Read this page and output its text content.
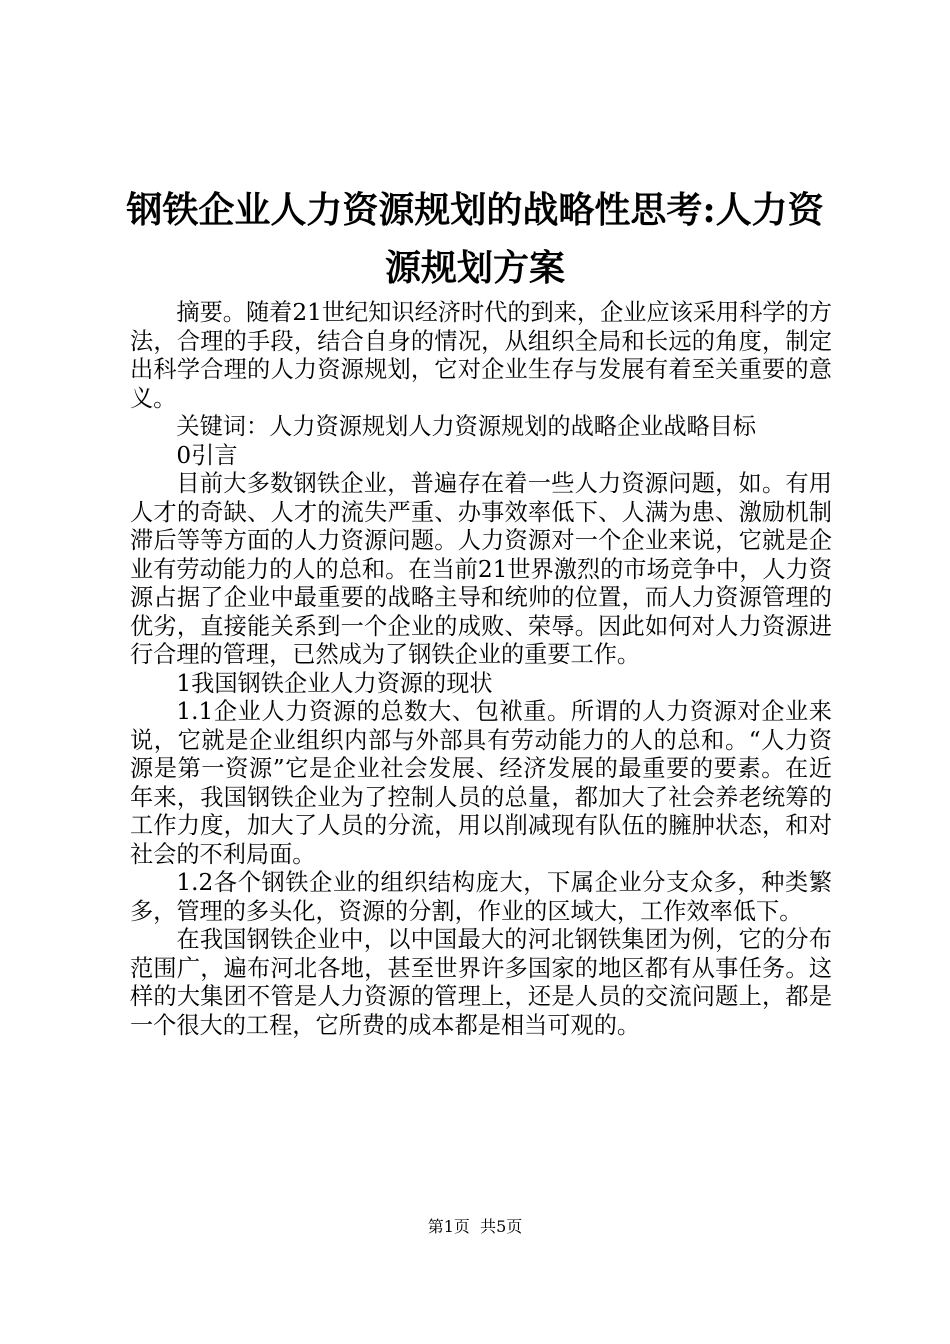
钢铁企业人力资源规划的战略性思考:人力资
源规划方案

摘要。随着21世纪知识经济时代的到来，企业应该采用科学的方法，合理的手段，结合自身的情况，从组织全局和长远的角度，制定出科学合理的人力资源规划，它对企业生存与发展有着至关重要的意义。

关键词：人力资源规划人力资源规划的战略企业战略目标

0引言

目前大多数钢铁企业，普遍存在着一些人力资源问题，如。有用人才的奇缺、人才的流失严重、办事效率低下、人满为患、激励机制滞后等等方面的人力资源问题。人力资源对一个企业来说，它就是企业有劳动能力的人的总和。在当前21世界激烈的市场竞争中，人力资源占据了企业中最重要的战略主导和统帅的位置，而人力资源管理的优劣，直接能关系到一个企业的成败、荣辱。因此如何对人力资源进行合理的管理，已然成为了钢铁企业的重要工作。

1我国钢铁企业人力资源的现状

1.1企业人力资源的总数大、包袱重。所谓的人力资源对企业来说，它就是企业组织内部与外部具有劳动能力的人的总和。“人力资源是第一资源”它是企业社会发展、经济发展的最重要的要素。在近年来，我国钢铁企业为了控制人员的总量，都加大了社会养老统筹的工作力度，加大了人员的分流，用以削减现有队伍的臃肿状态，和对社会的不利局面。

1.2各个钢铁企业的组织结构庞大，下属企业分支众多，种类繁多，管理的多头化，资源的分割，作业的区域大，工作效率低下。

在我国钢铁企业中，以中国最大的河北钢铁集团为例，它的分布范围广，遍布河北各地，甚至世界许多国家的地区都有从事任务。这样的大集团不管是人力资源的管理上，还是人员的交流问题上，都是一个很大的工程，它所费的成本都是相当可观的。

第1页  共5页
